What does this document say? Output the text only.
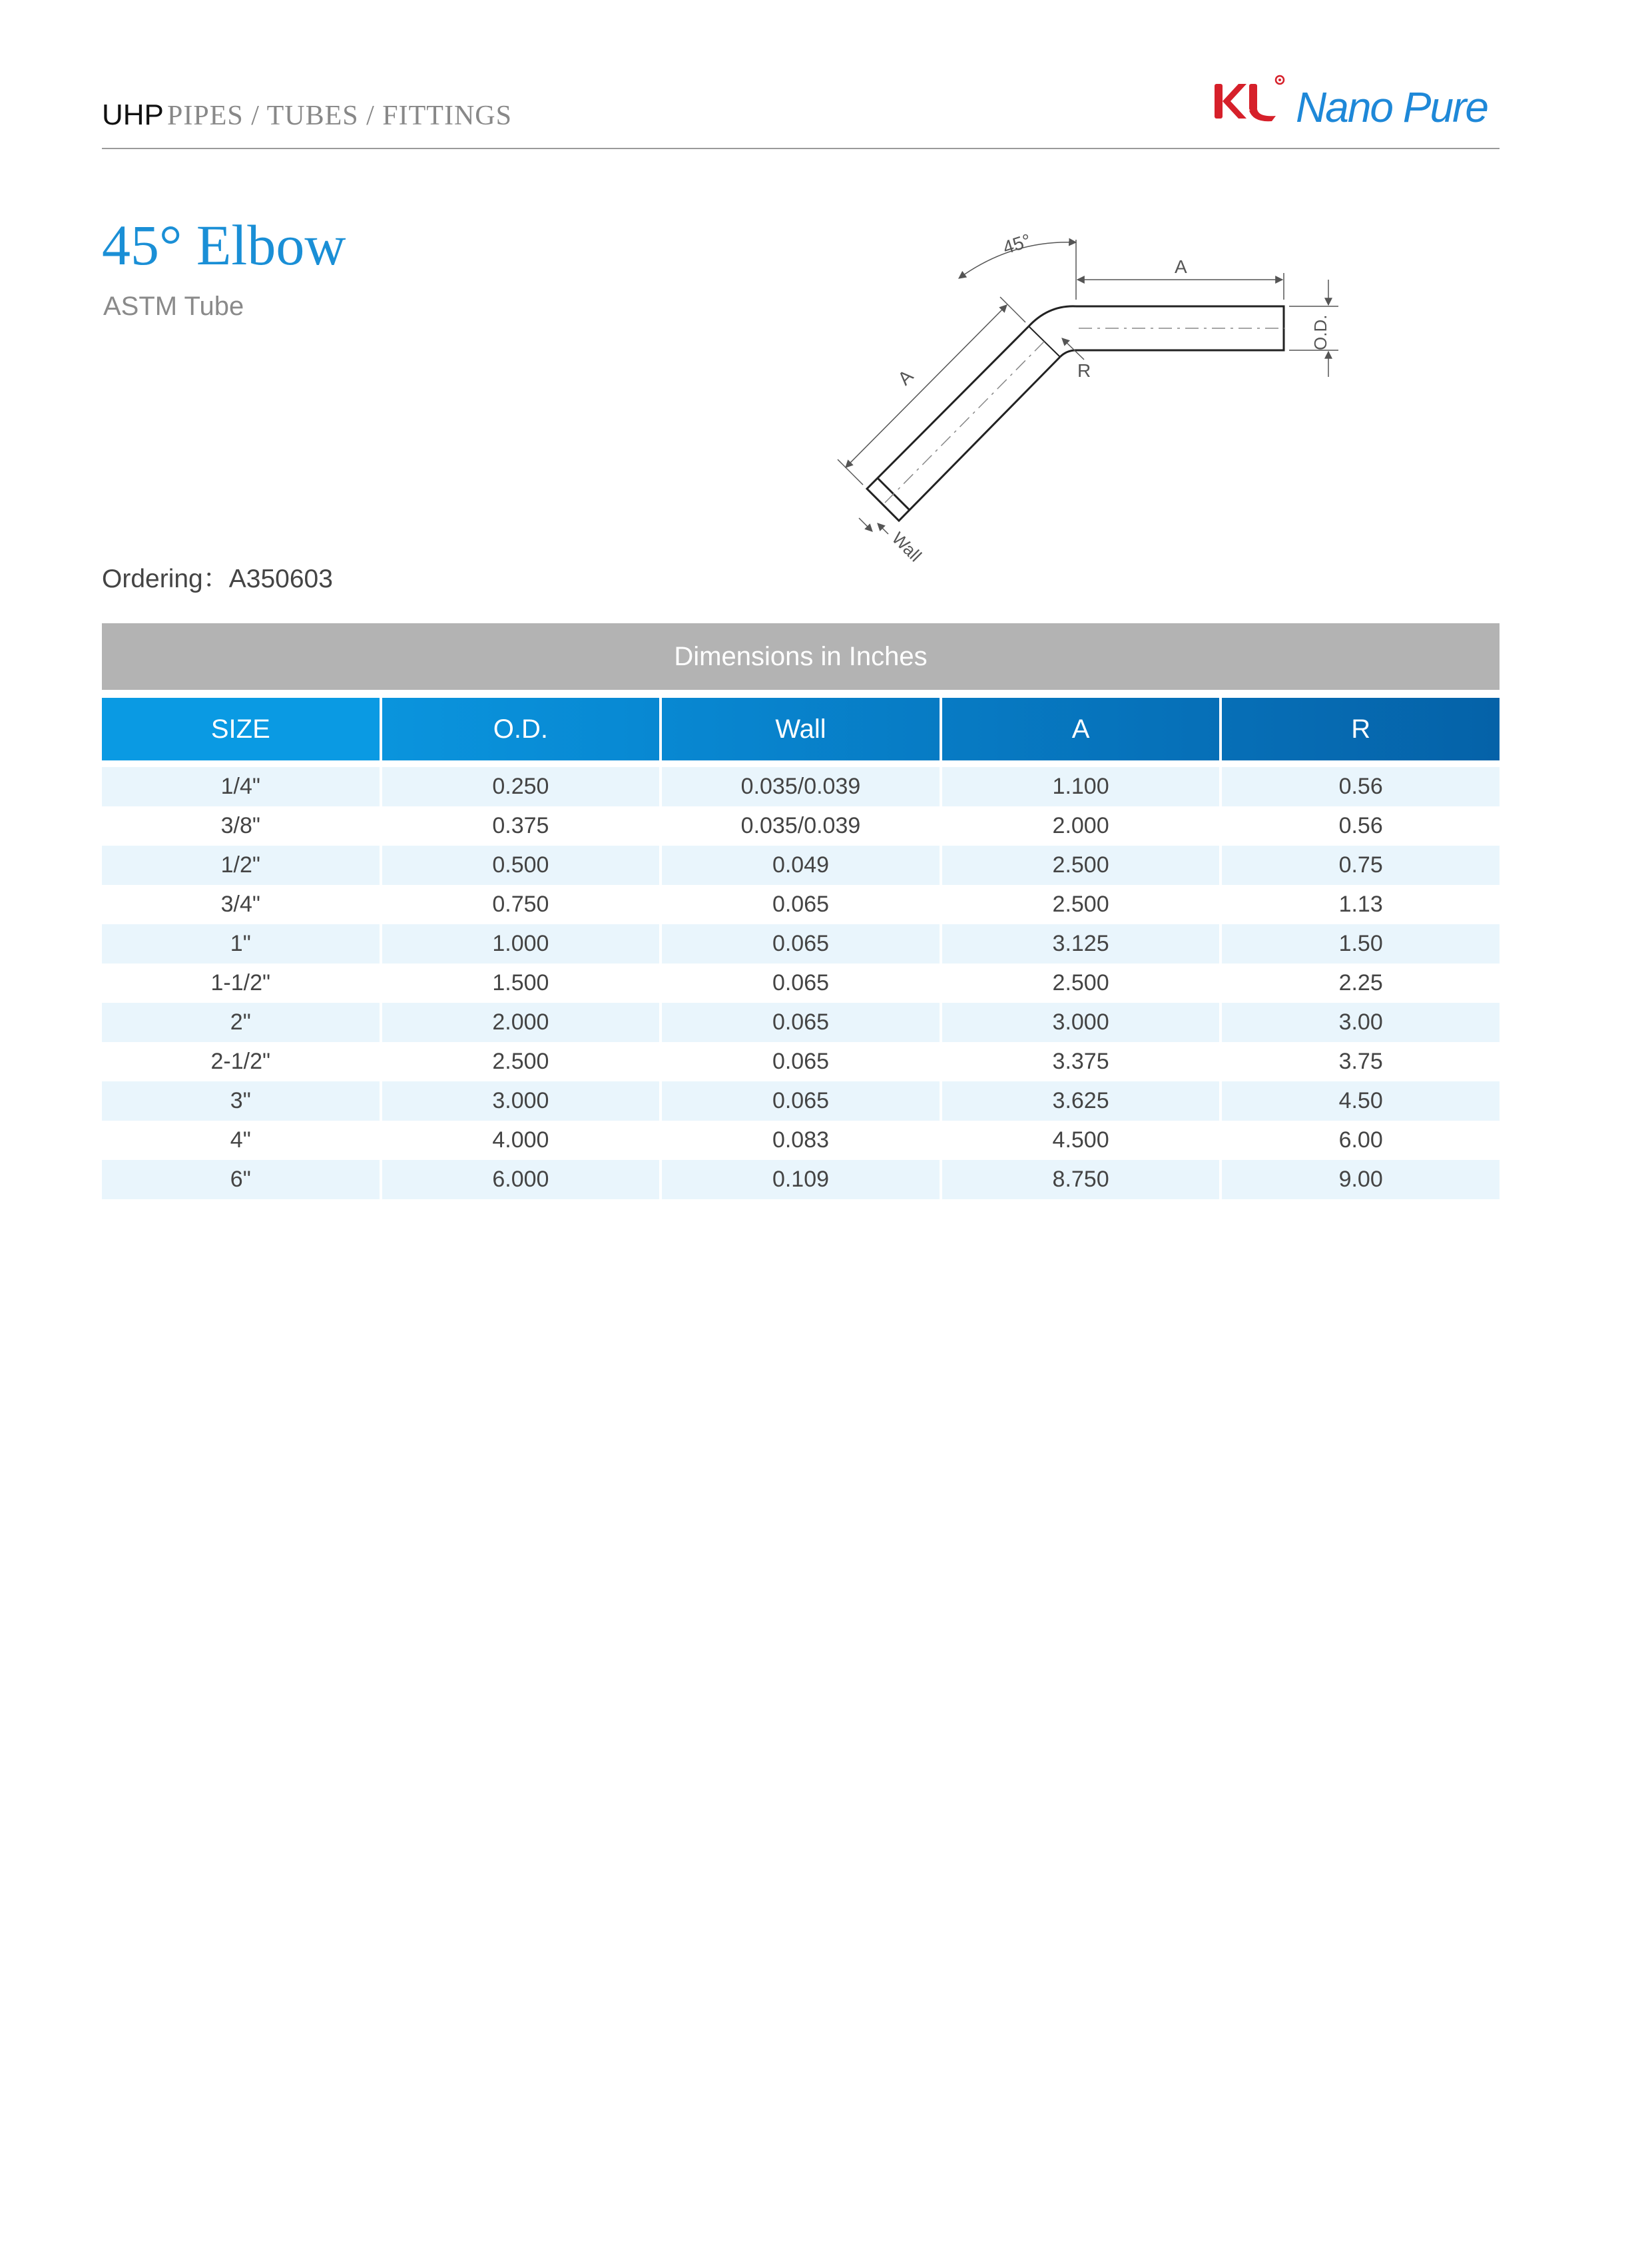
UHP PIPES / TUBES / FITTINGS	Nano Pure
45° Elbow
ASTM Tube
Ordering：A350603
45°
A
O.D.
R
A
Wall
Dimensions in Inches
SIZE	O.D.	Wall	A	R
1/4"	0.250	0.035/0.039	1.100	0.56
3/8"	0.375	0.035/0.039	2.000	0.56
1/2"	0.500	0.049	2.500	0.75
3/4"	0.750	0.065	2.500	1.13
1"	1.000	0.065	3.125	1.50
1-1/2"	1.500	0.065	2.500	2.25
2"	2.000	0.065	3.000	3.00
2-1/2"	2.500	0.065	3.375	3.75
3"	3.000	0.065	3.625	4.50
4"	4.000	0.083	4.500	6.00
6"	6.000	0.109	8.750	9.00
